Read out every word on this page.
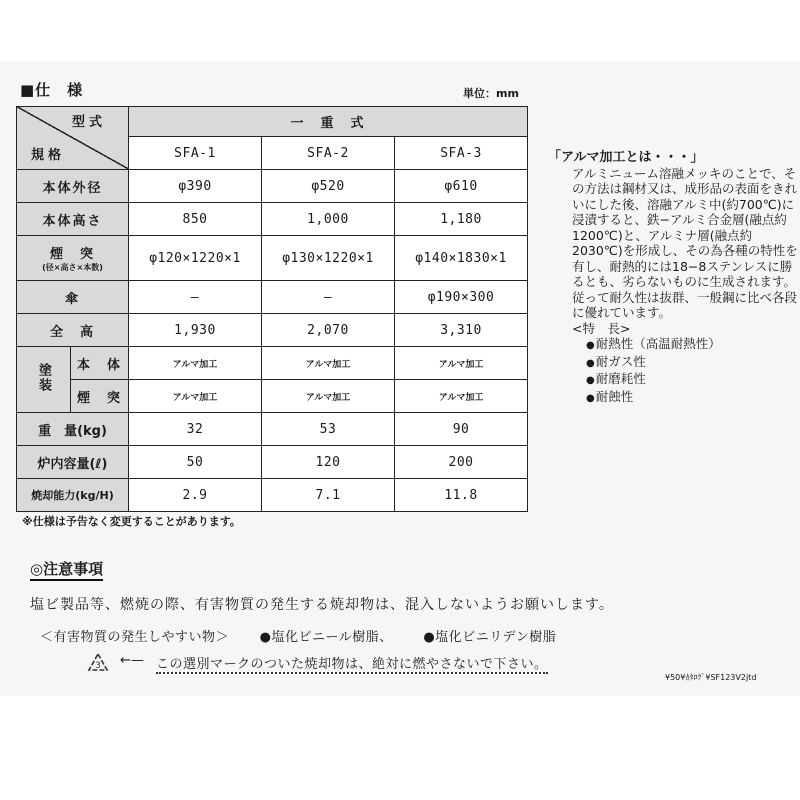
■仕　様	単位：mm
型式
規格		一　重　式		
		SFA-1	SFA-2	SFA-3
本体外径		φ390	φ520	φ610
本体高さ		850	1,000	1,180
煙　突
(径×高さ×本数)		φ120×1220×1	φ130×1220×1	φ140×1830×1
傘		—	—	φ190×300
全　高		1,930	2,070	3,310
塗装	本　体	アルマ加工	アルマ加工	アルマ加工
	煙　突	アルマ加工	アルマ加工	アルマ加工
重　量(kg)		32	53	90
炉内容量(ℓ)		50	120	200
焼却能力(kg/H)		2.9	7.1	11.8
※仕様は予告なく変更することがあります。
「アルマ加工とは・・・」

アルミニューム溶融メッキのことで、その方法は鋼材又は、成形品の表面をきれいにした後、溶融アルミ中(約700℃)に浸漬すると、鉄−アルミ合金層(融点約1200℃)と、アルミナ層(融点約2030℃)を形成し、その為各種の特性を有し、耐熱的には18−8ステンレスに勝るとも、劣らないものに生成されます。

従って耐久性は抜群、一般鋼に比べ各段に優れています。

<特　長>

● 耐熱性（高温耐熱性）
● 耐ガス性
● 耐磨耗性
● 耐蝕性
◎注意事項
塩ビ製品等、燃焼の際、有害物質の発生する焼却物は、混入しないようお願いします。
＜有害物質の発生しやすい物＞ ●塩化ビニール樹脂、 ●塩化ビニリデン樹脂
3 ←— この選別マークのついた焼却物は、絶対に燃やさないで下さい。
¥50¥ｶﾀﾛｸﾞ¥SF123V2jtd
